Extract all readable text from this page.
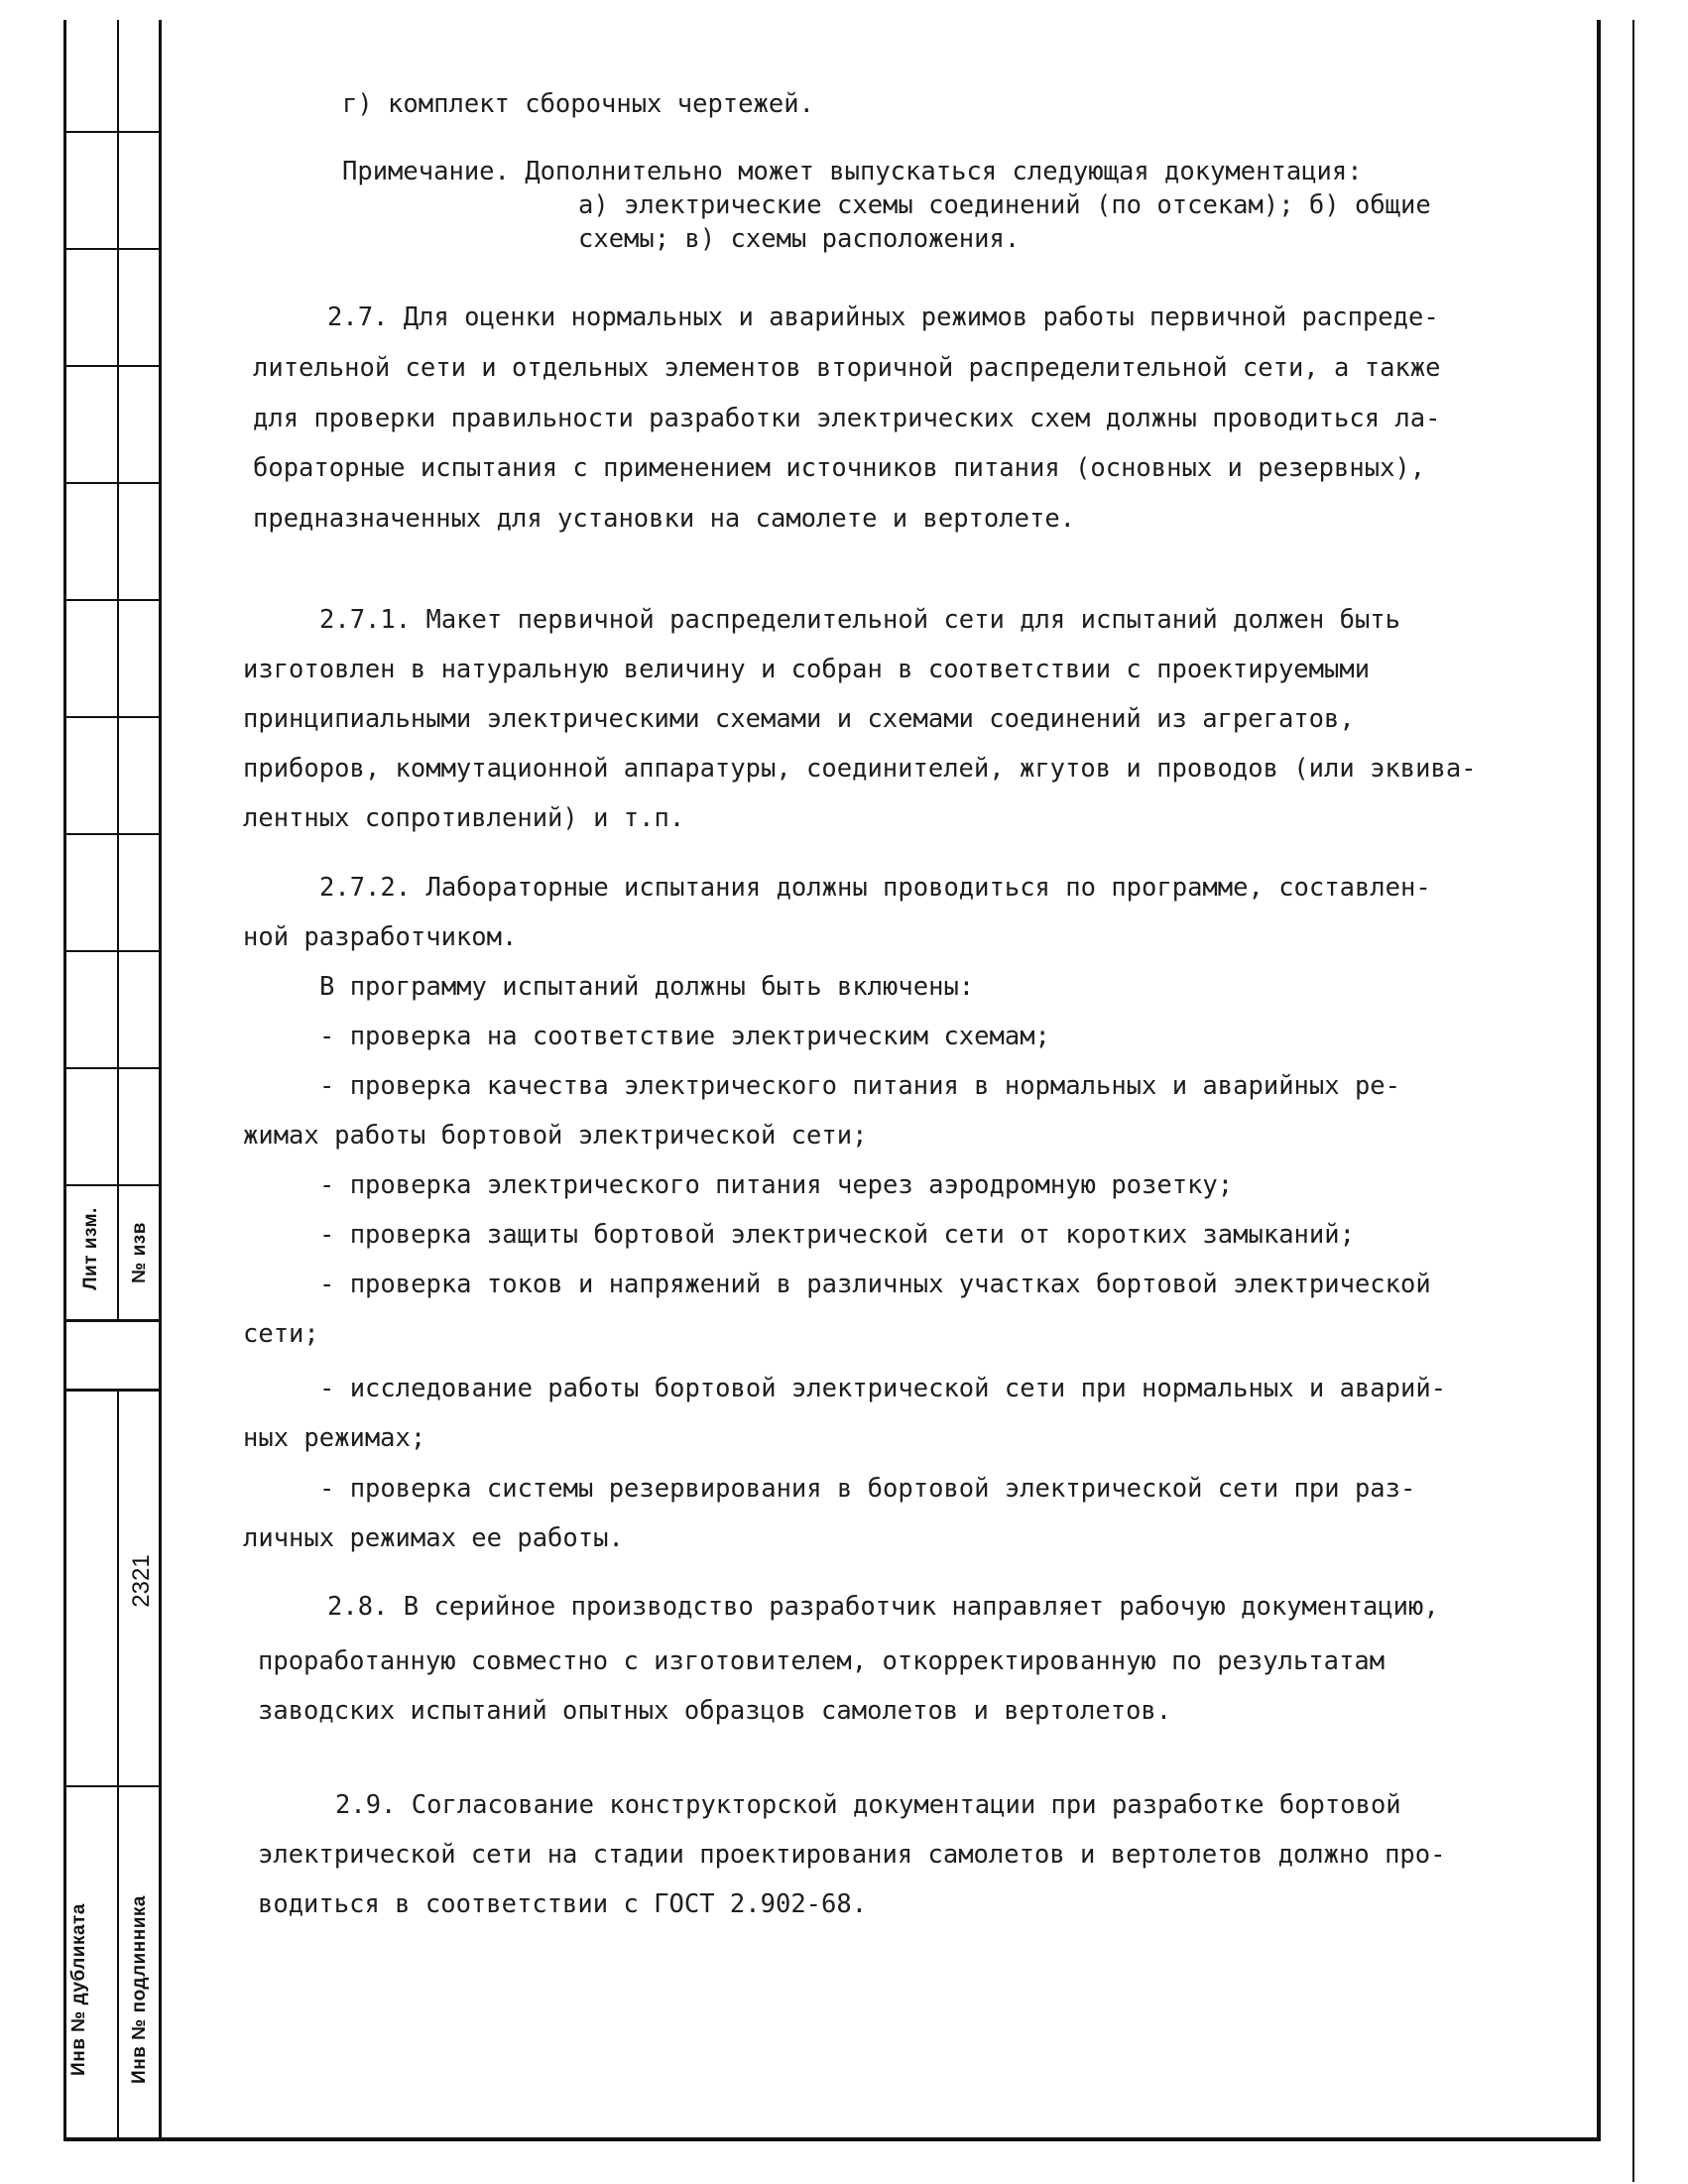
Лит изм. № изв
2321
Инв № дубликата Инв № подлинника
г) комплект сборочных чертежей.
Примечание. Дополнительно может выпускаться следующая документация:
а) электрические схемы соединений (по отсекам); б) общие
схемы; в) схемы расположения.
2.7. Для оценки нормальных и аварийных режимов работы первичной распреде-
лительной сети и отдельных элементов вторичной распределительной сети, а также
для проверки правильности разработки электрических схем должны проводиться ла-
бораторные испытания с применением источников питания (основных и резервных),
предназначенных для установки на самолете и вертолете.
2.7.1. Макет первичной распределительной сети для испытаний должен быть
изготовлен в натуральную величину и собран в соответствии с проектируемыми
принципиальными электрическими схемами и схемами соединений из агрегатов,
приборов, коммутационной аппаратуры, соединителей, жгутов и проводов (или эквива-
лентных сопротивлений) и т.п.
2.7.2. Лабораторные испытания должны проводиться по программе, составлен-
ной разработчиком.
В программу испытаний должны быть включены:
- проверка на соответствие электрическим схемам;
- проверка качества электрического питания в нормальных и аварийных ре-
жимах работы бортовой электрической сети;
- проверка электрического питания через аэродромную розетку;
- проверка защиты бортовой электрической сети от коротких замыканий;
- проверка токов и напряжений в различных участках бортовой электрической
сети;
- исследование работы бортовой электрической сети при нормальных и аварий-
ных режимах;
- проверка системы резервирования в бортовой электрической сети при раз-
личных режимах ее работы.
2.8. В серийное производство разработчик направляет рабочую документацию,
проработанную совместно с изготовителем, откорректированную по результатам
заводских испытаний опытных образцов самолетов и вертолетов.
2.9. Согласование конструкторской документации при разработке бортовой
электрической сети на стадии проектирования самолетов и вертолетов должно про-
водиться в соответствии с ГОСТ 2.902-68.
